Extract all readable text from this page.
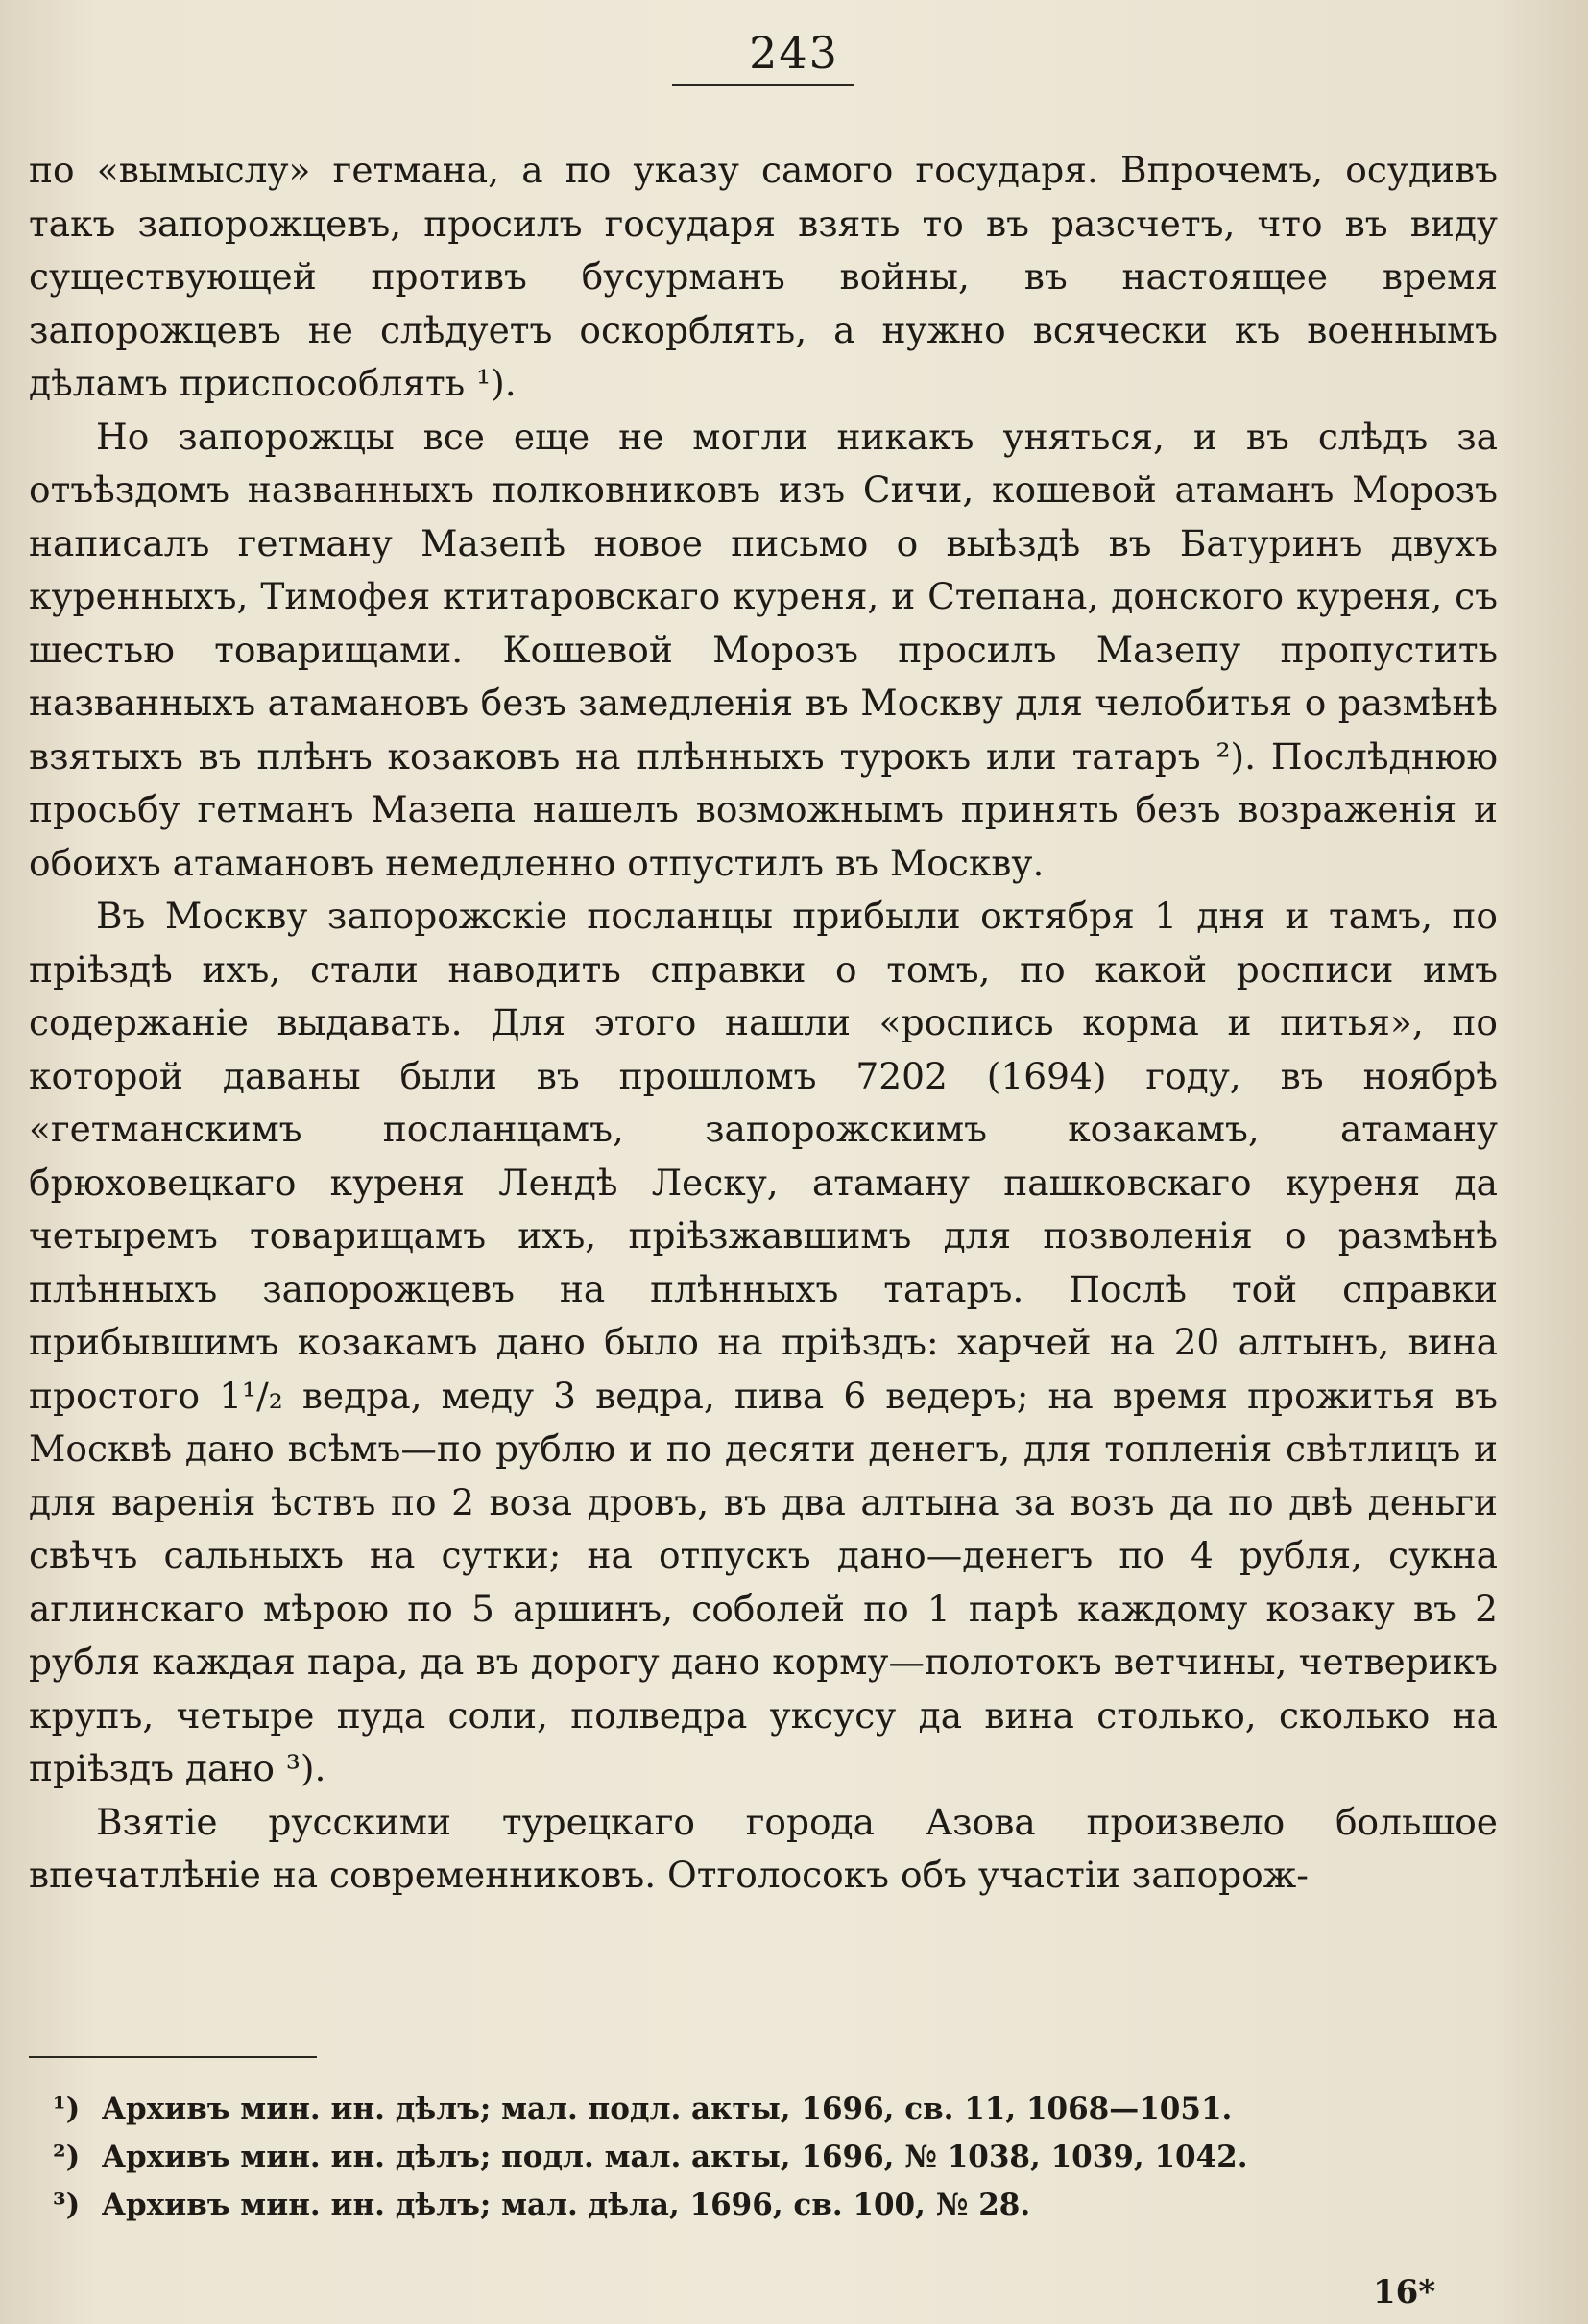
243

по «вымыслу» гетмана, а по указу самого государя. Впрочемъ, осудивъ такъ запорожцевъ, просилъ государя взять то въ разсчетъ, что въ виду существующей противъ бусурманъ войны, въ настоящее время запорожцевъ не слѣдуетъ оскорблять, а нужно всячески къ военнымъ дѣламъ приспособлять ¹).

Но запорожцы все еще не могли никакъ уняться, и въ слѣдъ за отъѣздомъ названныхъ полковниковъ изъ Сичи, кошевой атаманъ Морозъ написалъ гетману Мазепѣ новое письмо о выѣздѣ въ Батуринъ двухъ куренныхъ, Тимофея ктитаровскаго куреня, и Степана, донского куреня, съ шестью товарищами. Кошевой Морозъ просилъ Мазепу пропустить названныхъ атамановъ безъ замедленія въ Москву для челобитья о размѣнѣ взятыхъ въ плѣнъ козаковъ на плѣнныхъ турокъ или татаръ ²). Послѣднюю просьбу гетманъ Мазепа нашелъ возможнымъ принять безъ возраженія и обоихъ атамановъ немедленно отпустилъ въ Москву.

Въ Москву запорожскіе посланцы прибыли октября 1 дня и тамъ, по пріѣздѣ ихъ, стали наводить справки о томъ, по какой росписи имъ содержаніе выдавать. Для этого нашли «роспись корма и питья», по которой даваны были въ прошломъ 7202 (1694) году, въ ноябрѣ «гетманскимъ посланцамъ, запорожскимъ козакамъ, атаману брюховецкаго куреня Лендѣ Леску, атаману пашковскаго куреня да четыремъ товарищамъ ихъ, пріѣзжавшимъ для позволенія о размѣнѣ плѣнныхъ запорожцевъ на плѣнныхъ татаръ. Послѣ той справки прибывшимъ козакамъ дано было на пріѣздъ: харчей на 20 алтынъ, вина простого 1¹/₂ ведра, меду 3 ведра, пива 6 ведеръ; на время прожитья въ Москвѣ дано всѣмъ—по рублю и по десяти денегъ, для топленія свѣтлицъ и для варенія ѣствъ по 2 воза дровъ, въ два алтына за возъ да по двѣ деньги свѣчъ сальныхъ на сутки; на отпускъ дано—денегъ по 4 рубля, сукна аглинскаго мѣрою по 5 аршинъ, соболей по 1 парѣ каждому козаку въ 2 рубля каждая пара, да въ дорогу дано корму—полотокъ ветчины, четверикъ крупъ, четыре пуда соли, полведра уксусу да вина столько, сколько на пріѣздъ дано ³).

Взятіе русскими турецкаго города Азова произвело большое впечатлѣніе на современниковъ. Отголосокъ объ участіи запорож-

¹) Архивъ мин. ин. дѣлъ; мал. подл. акты, 1696, св. 11, 1068—1051.
²) Архивъ мин. ин. дѣлъ; подл. мал. акты, 1696, № 1038, 1039, 1042.
³) Архивъ мин. ин. дѣлъ; мал. дѣла, 1696, св. 100, № 28.
16*
